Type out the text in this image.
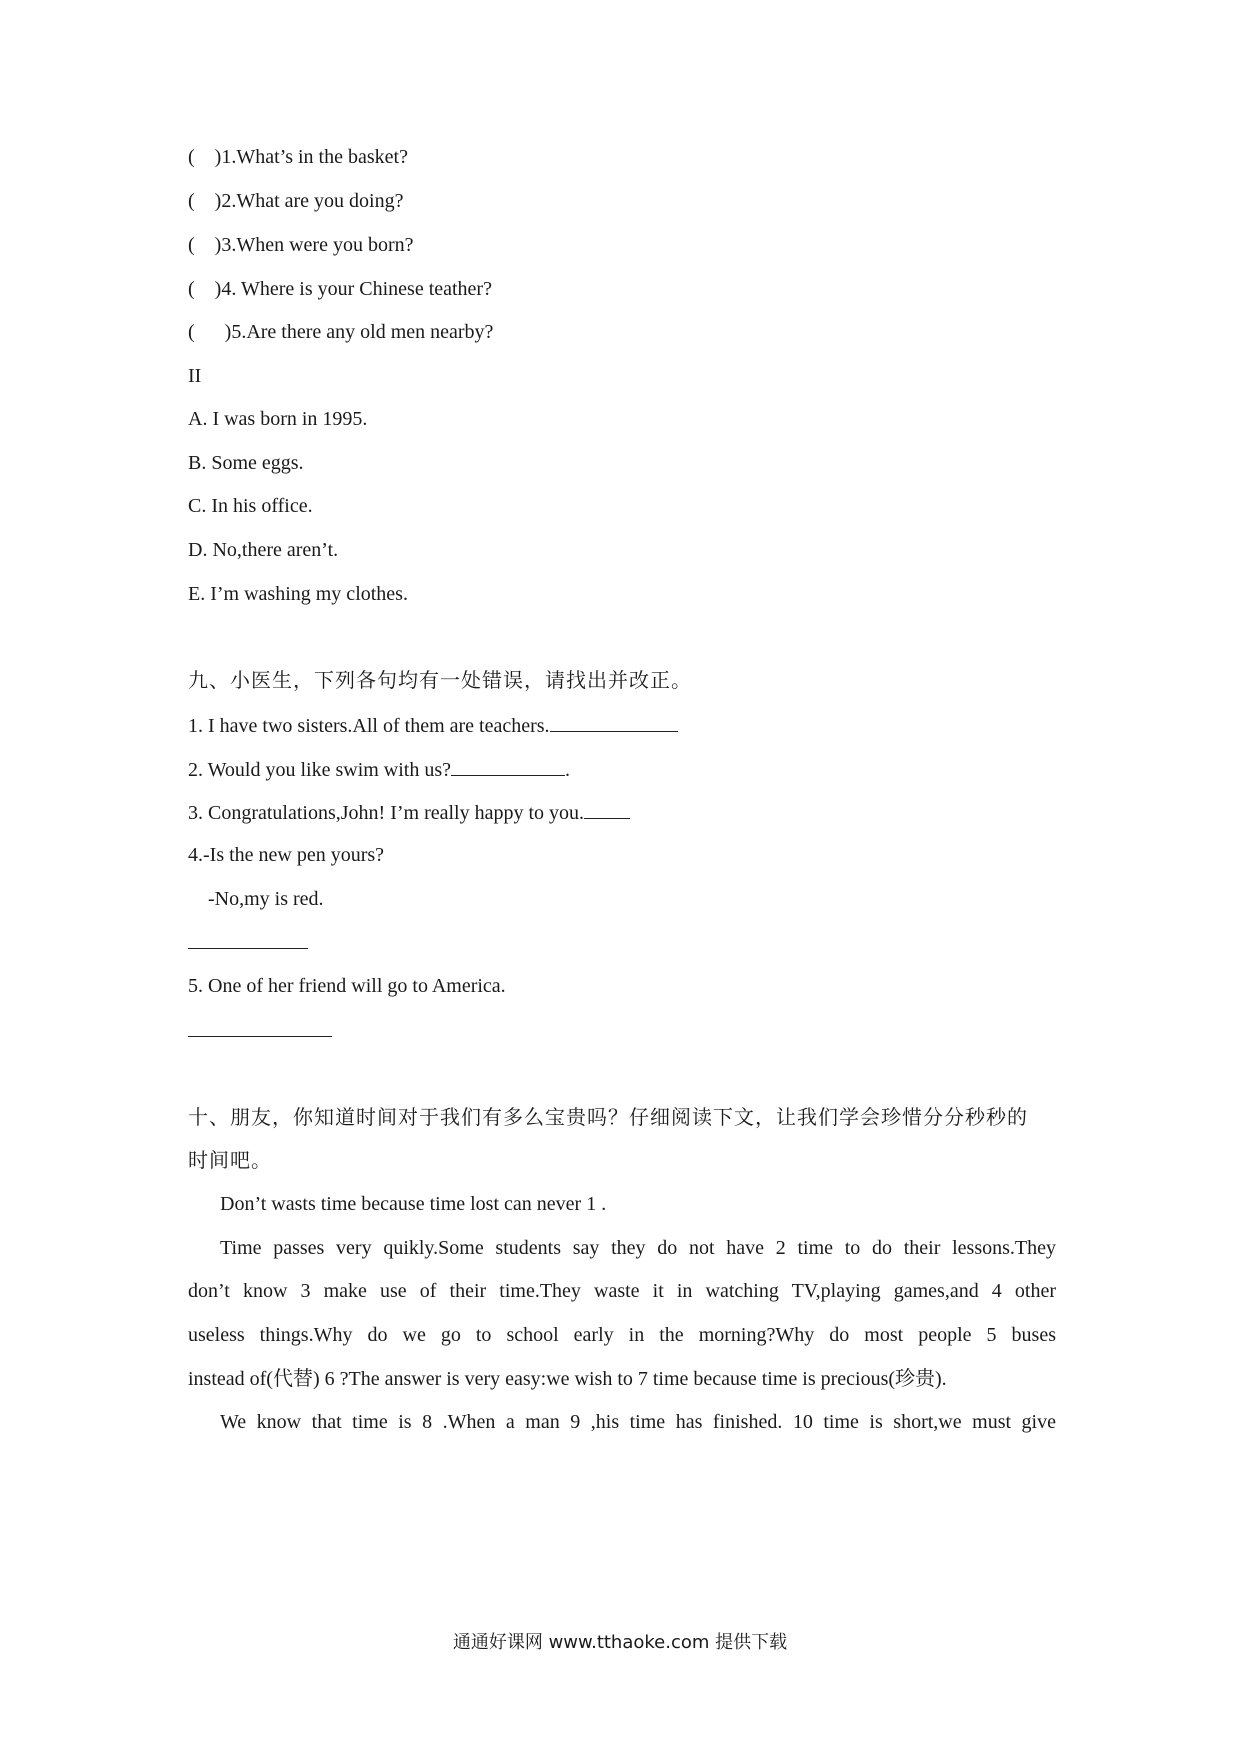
(    )1.What’s in the basket?
(    )2.What are you doing?
(    )3.When were you born?
(    )4. Where is your Chinese teather?
(      )5.Are there any old men nearby?
II
A. I was born in 1995.
B. Some eggs.
C. In his office.
D. No,there aren’t.
E. I’m washing my clothes.
九、小医生，下列各句均有一处错误，请找出并改正。
1. I have two sisters.All of them are teachers.
2. Would you like swim with us?	.
3. Congratulations,John! I’m really happy to you.
4.-Is the new pen yours?
-No,my is red.
5. One of her friend will go to America.
十、朋友，你知道时间对于我们有多么宝贵吗？仔细阅读下文，让我们学会珍惜分分秒秒的
时间吧。
Don’t wasts time because time lost can never 1 .
Time passes very quikly.Some students say they do not have 2 time to do their lessons.They
don’t know 3 make use of their time.They waste it in watching TV,playing games,and 4 other
useless things.Why do we go to school early in the morning?Why do most people 5 buses
instead of(代替) 6 ?The answer is very easy:we wish to 7 time because time is precious(珍贵).
We know that time is 8 .When a man 9 ,his time has finished. 10 time is short,we must give
通通好课网 www.tthaoke.com 提供下载
